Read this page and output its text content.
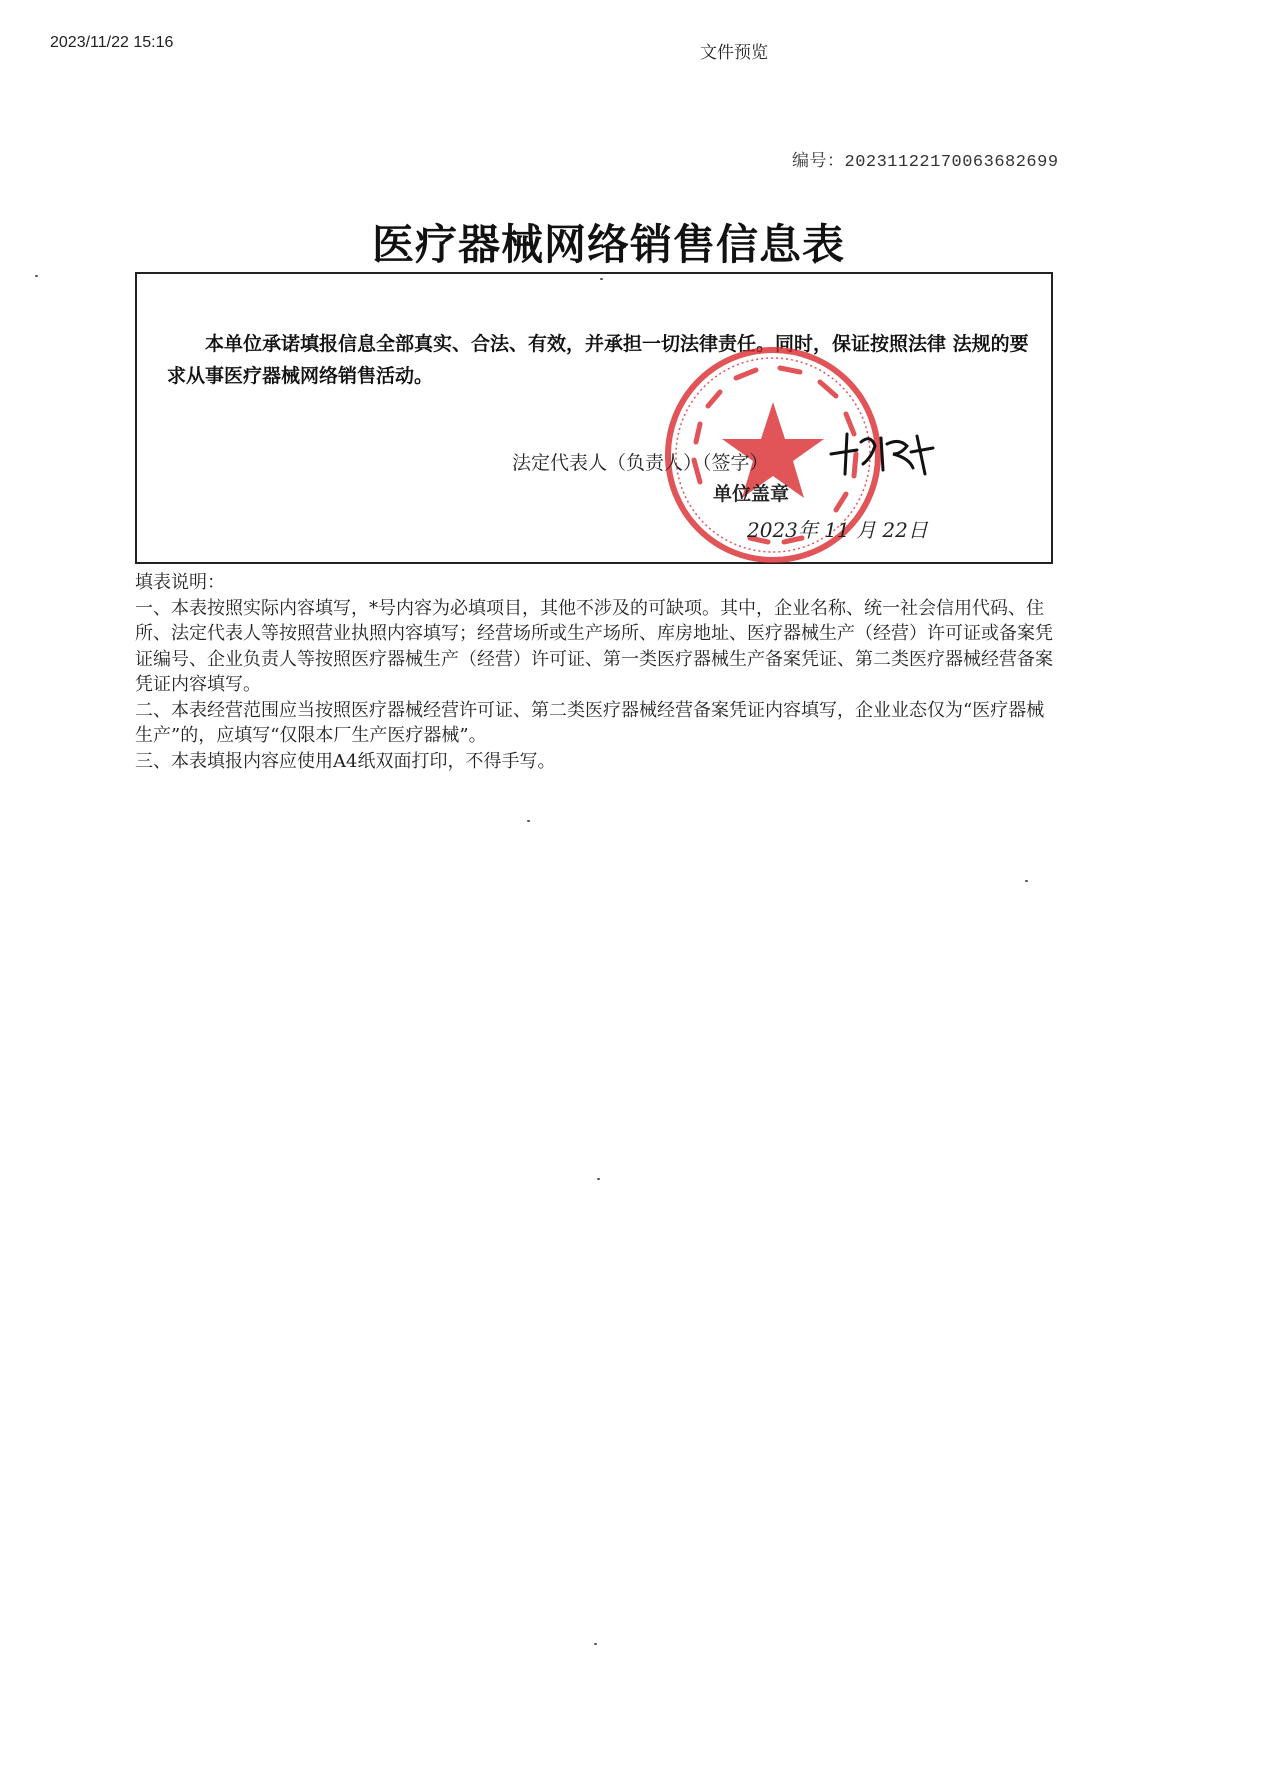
2023/11/22 15:16
文件预览
编号：20231122170063682699
医疗器械网络销售信息表
本单位承诺填报信息全部真实、合法、有效，并承担一切法律责任。同时，保证按照法律 法规的要求从事医疗器械网络销售活动。
法定代表人（负责人）（签字）
单位盖章
2023年 11 月 22日
填表说明：
一、本表按照实际内容填写，*号内容为必填项目，其他不涉及的可缺项。其中，企业名称、统一社会信用代码、住所、法定代表人等按照营业执照内容填写；经营场所或生产场所、库房地址、医疗器械生产（经营）许可证或备案凭证编号、企业负责人等按照医疗器械生产（经营）许可证、第一类医疗器械生产备案凭证、第二类医疗器械经营备案凭证内容填写。
二、本表经营范围应当按照医疗器械经营许可证、第二类医疗器械经营备案凭证内容填写，企业业态仅为“医疗器械生产”的，应填写“仅限本厂生产医疗器械”。
三、本表填报内容应使用A4纸双面打印，不得手写。
